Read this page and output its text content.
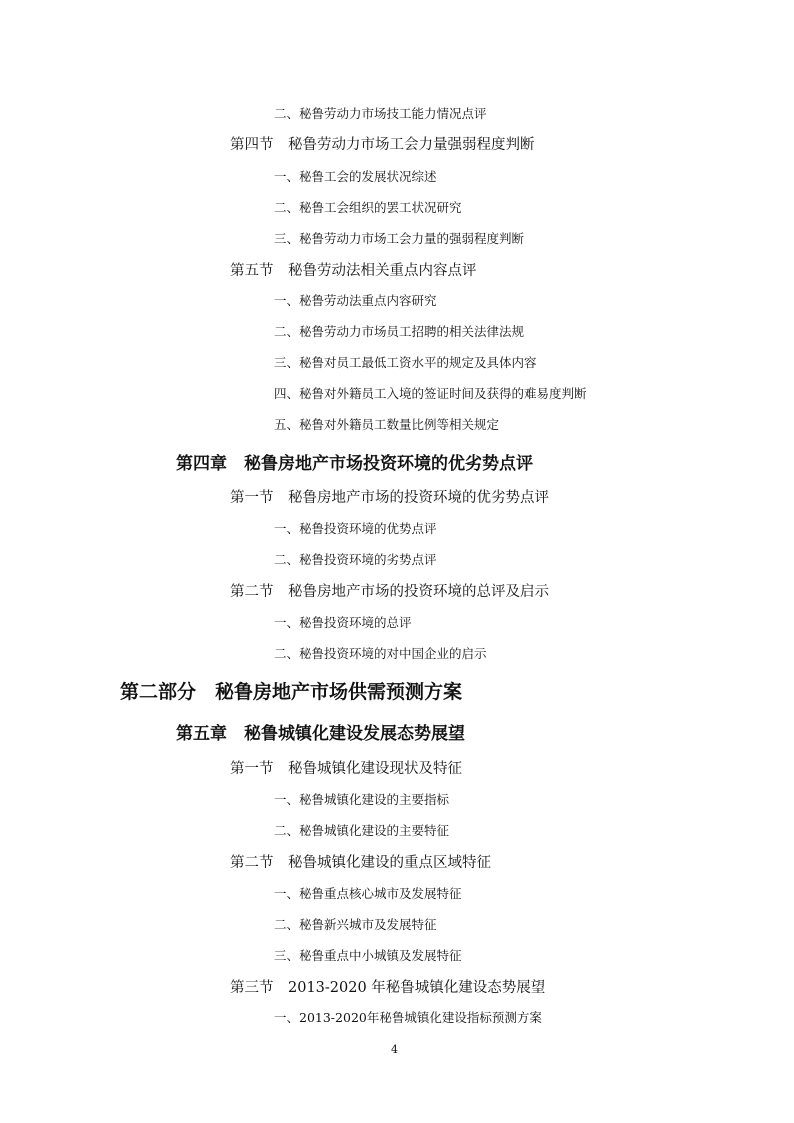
二、秘鲁劳动力市场技工能力情况点评
第四节　秘鲁劳动力市场工会力量强弱程度判断
一、秘鲁工会的发展状况综述
二、秘鲁工会组织的罢工状况研究
三、秘鲁劳动力市场工会力量的强弱程度判断
第五节　秘鲁劳动法相关重点内容点评
一、秘鲁劳动法重点内容研究
二、秘鲁劳动力市场员工招聘的相关法律法规
三、秘鲁对员工最低工资水平的规定及具体内容
四、秘鲁对外籍员工入境的签证时间及获得的难易度判断
五、秘鲁对外籍员工数量比例等相关规定
第四章　秘鲁房地产市场投资环境的优劣势点评
第一节　秘鲁房地产市场的投资环境的优劣势点评
一、秘鲁投资环境的优势点评
二、秘鲁投资环境的劣势点评
第二节　秘鲁房地产市场的投资环境的总评及启示
一、秘鲁投资环境的总评
二、秘鲁投资环境的对中国企业的启示
第二部分　秘鲁房地产市场供需预测方案
第五章　秘鲁城镇化建设发展态势展望
第一节　秘鲁城镇化建设现状及特征
一、秘鲁城镇化建设的主要指标
二、秘鲁城镇化建设的主要特征
第二节　秘鲁城镇化建设的重点区域特征
一、秘鲁重点核心城市及发展特征
二、秘鲁新兴城市及发展特征
三、秘鲁重点中小城镇及发展特征
第三节　2013-2020 年秘鲁城镇化建设态势展望
一、2013-2020年秘鲁城镇化建设指标预测方案
4
